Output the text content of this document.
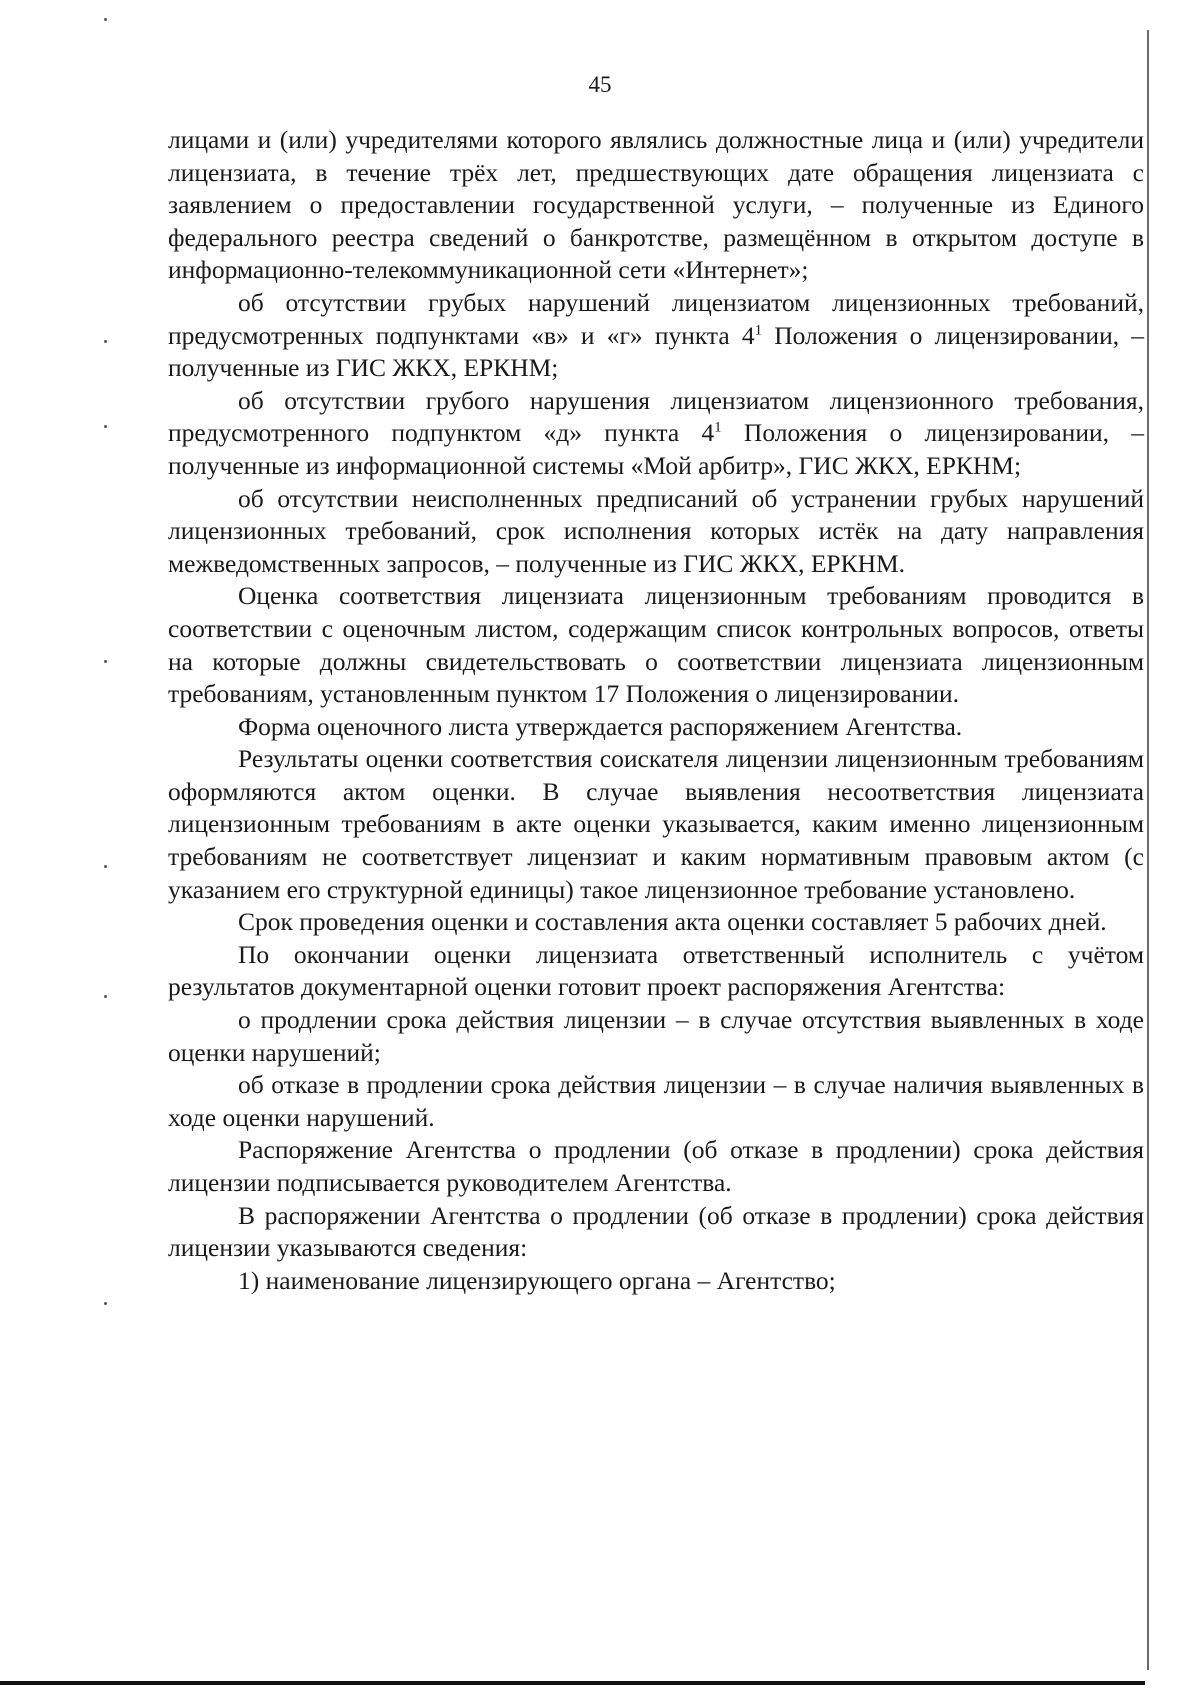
45

лицами и (или) учредителями которого являлись должностные лица и (или) учредители лицензиата, в течение трёх лет, предшествующих дате обращения лицензиата с заявлением о предоставлении государственной услуги, – полученные из Единого федерального реестра сведений о банкротстве, размещённом в открытом доступе в информационно-телекоммуникационной сети «Интернет»;

об отсутствии грубых нарушений лицензиатом лицензионных требований, предусмотренных подпунктами «в» и «г» пункта $4^1$ Положения о лицензировании, – полученные из ГИС ЖКХ, ЕРКНМ;

об отсутствии грубого нарушения лицензиатом лицензионного требования, предусмотренного подпунктом «д» пункта $4^1$ Положения о лицензировании, – полученные из информационной системы «Мой арбитр», ГИС ЖКХ, ЕРКНМ;

об отсутствии неисполненных предписаний об устранении грубых нарушений лицензионных требований, срок исполнения которых истёк на дату направления межведомственных запросов, – полученные из ГИС ЖКХ, ЕРКНМ.

Оценка соответствия лицензиата лицензионным требованиям проводится в соответствии с оценочным листом, содержащим список контрольных вопросов, ответы на которые должны свидетельствовать о соответствии лицензиата лицензионным требованиям, установленным пунктом 17 Положения о лицензировании.

Форма оценочного листа утверждается распоряжением Агентства.

Результаты оценки соответствия соискателя лицензии лицензионным требованиям оформляются актом оценки. В случае выявления несоответствия лицензиата лицензионным требованиям в акте оценки указывается, каким именно лицензионным требованиям не соответствует лицензиат и каким нормативным правовым актом (с указанием его структурной единицы) такое лицензионное требование установлено.

Срок проведения оценки и составления акта оценки составляет 5 рабочих дней.

По окончании оценки лицензиата ответственный исполнитель с учётом результатов документарной оценки готовит проект распоряжения Агентства:

о продлении срока действия лицензии – в случае отсутствия выявленных в ходе оценки нарушений;

об отказе в продлении срока действия лицензии – в случае наличия выявленных в ходе оценки нарушений.

Распоряжение Агентства о продлении (об отказе в продлении) срока действия лицензии подписывается руководителем Агентства.

В распоряжении Агентства о продлении (об отказе в продлении) срока действия лицензии указываются сведения:

1) наименование лицензирующего органа – Агентство;
